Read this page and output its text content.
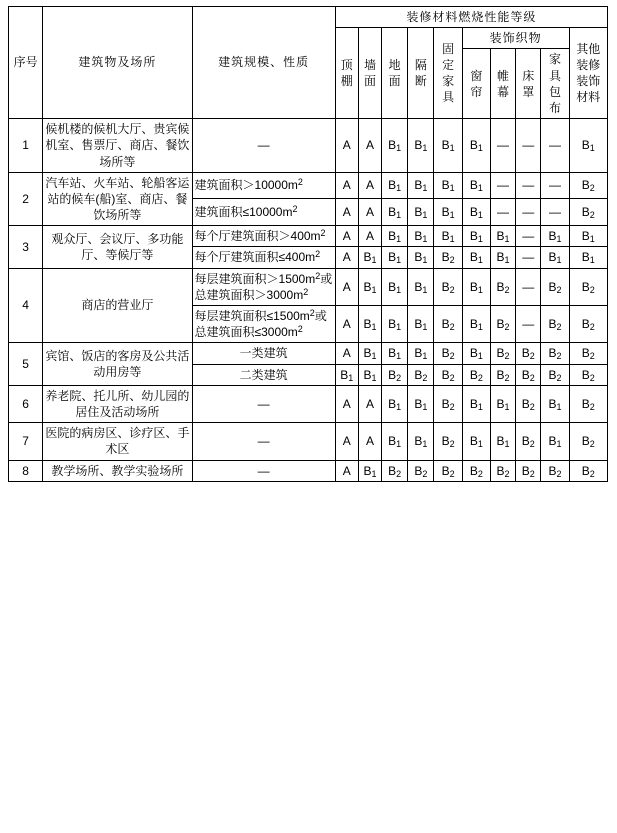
序号	建筑物及场所	建筑规模、性质	装修材料燃烧性能等级									
			顶棚	墙面	地面	隔断	固定家具	装饰织物				其他装修装饰材料
								窗帘	帷幕	床罩	家具包布	
1	候机楼的候机大厅、贵宾候机室、售票厅、商店、餐饮场所等	—	A	A	$B_1$	$B_1$	$B_1$	$B_1$	—	—	—	$B_1$
2	汽车站、火车站、轮船客运站的候车(船)室、商店、餐饮场所等	建筑面积$>10000m^2$	A	A	$B_1$	$B_1$	$B_1$	$B_1$	—	—	—	$B_2$
		建筑面积$\le 10000m^2$	A	A	$B_1$	$B_1$	$B_1$	$B_1$	—	—	—	$B_2$
3	观众厅、会议厅、多功能厅、等候厅等	每个厅建筑面积$>400m^2$	A	A	$B_1$	$B_1$	$B_1$	$B_1$	$B_1$	—	$B_1$	$B_1$
		每个厅建筑面积$\le 400m^2$	A	$B_1$	$B_1$	$B_1$	$B_2$	$B_1$	$B_1$	—	$B_1$	$B_1$
4	商店的营业厅	每层建筑面积$>1500m^2$或总建筑面积$>3000m^2$	A	$B_1$	$B_1$	$B_1$	$B_2$	$B_1$	$B_2$	—	$B_2$	$B_2$
		每层建筑面积$\le 1500m^2$或总建筑面积$\le 3000m^2$	A	$B_1$	$B_1$	$B_1$	$B_2$	$B_1$	$B_2$	—	$B_2$	$B_2$
5	宾馆、饭店的客房及公共活动用房等	一类建筑	A	$B_1$	$B_1$	$B_1$	$B_2$	$B_1$	$B_2$	$B_2$	$B_2$	$B_2$
		二类建筑	$B_1$	$B_1$	$B_2$	$B_2$	$B_2$	$B_2$	$B_2$	$B_2$	$B_2$	$B_2$
6	养老院、托儿所、幼儿园的居住及活动场所	—	A	A	$B_1$	$B_1$	$B_2$	$B_1$	$B_1$	$B_2$	$B_1$	$B_2$
7	医院的病房区、诊疗区、手术区	—	A	A	$B_1$	$B_1$	$B_2$	$B_1$	$B_1$	$B_2$	$B_1$	$B_2$
8	教学场所、教学实验场所	—	A	$B_1$	$B_2$	$B_2$	$B_2$	$B_2$	$B_2$	$B_2$	$B_2$	$B_2$
